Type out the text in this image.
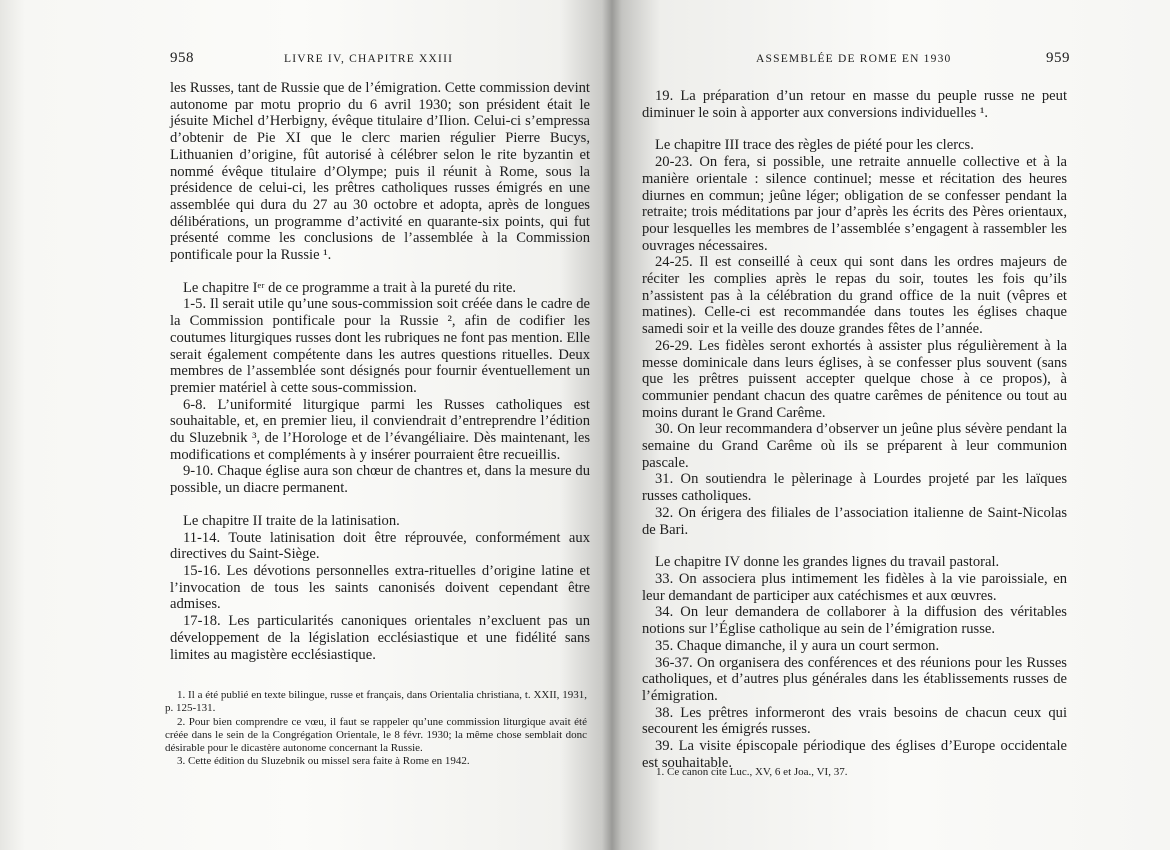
958	LIVRE IV, CHAPITRE XXIII

les Russes, tant de Russie que de l’émigration. Cette commission devint autonome par motu proprio du 6 avril 1930; son président était le jésuite Michel d’Herbigny, évêque titulaire d’Ilion. Celui-ci s’empressa d’obtenir de Pie XI que le clerc marien régulier Pierre Bucys, Lithuanien d’origine, fût autorisé à célébrer selon le rite byzantin et nommé évêque titulaire d’Olympe; puis il réunit à Rome, sous la présidence de celui-ci, les prêtres catholiques russes émigrés en une assemblée qui dura du 27 au 30 octobre et adopta, après de longues délibérations, un programme d’activité en quarante-six points, qui fut présenté comme les conclusions de l’assemblée à la Commission pontificale pour la Russie ¹.

Le chapitre Iᵉʳ de ce programme a trait à la pureté du rite.

1-5. Il serait utile qu’une sous-commission soit créée dans le cadre de la Commission pontificale pour la Russie ², afin de codifier les coutumes liturgiques russes dont les rubriques ne font pas mention. Elle serait également compétente dans les autres questions rituelles. Deux membres de l’assemblée sont désignés pour fournir éventuellement un premier matériel à cette sous-commission.

6-8. L’uniformité liturgique parmi les Russes catholiques est souhaitable, et, en premier lieu, il conviendrait d’entreprendre l’édition du Sluzebnik ³, de l’Horologe et de l’évangéliaire. Dès maintenant, les modifications et compléments à y insérer pourraient être recueillis.

9-10. Chaque église aura son chœur de chantres et, dans la mesure du possible, un diacre permanent.

Le chapitre II traite de la latinisation.

11-14. Toute latinisation doit être réprouvée, conformément aux directives du Saint-Siège.

15-16. Les dévotions personnelles extra-rituelles d’origine latine et l’invocation de tous les saints canonisés doivent cependant être admises.

17-18. Les particularités canoniques orientales n’excluent pas un développement de la législation ecclésiastique et une fidélité sans limites au magistère ecclésiastique.

1. Il a été publié en texte bilingue, russe et français, dans Orientalia christiana, t. XXII, 1931, p. 125-131.

2. Pour bien comprendre ce vœu, il faut se rappeler qu’une commission liturgique avait été créée dans le sein de la Congrégation Orientale, le 8 févr. 1930; la même chose semblait donc désirable pour le dicastère autonome concernant la Russie.

3. Cette édition du Sluzebnik ou missel sera faite à Rome en 1942.

ASSEMBLÉE DE ROME EN 1930	959

19. La préparation d’un retour en masse du peuple russe ne peut diminuer le soin à apporter aux conversions individuelles ¹.

Le chapitre III trace des règles de piété pour les clercs.

20-23. On fera, si possible, une retraite annuelle collective et à la manière orientale : silence continuel; messe et récitation des heures diurnes en commun; jeûne léger; obligation de se confesser pendant la retraite; trois méditations par jour d’après les écrits des Pères orientaux, pour lesquelles les membres de l’assemblée s’engagent à rassembler les ouvrages nécessaires.

24-25. Il est conseillé à ceux qui sont dans les ordres majeurs de réciter les complies après le repas du soir, toutes les fois qu’ils n’assistent pas à la célébration du grand office de la nuit (vêpres et matines). Celle-ci est recommandée dans toutes les églises chaque samedi soir et la veille des douze grandes fêtes de l’année.

26-29. Les fidèles seront exhortés à assister plus régulièrement à la messe dominicale dans leurs églises, à se confesser plus souvent (sans que les prêtres puissent accepter quelque chose à ce propos), à communier pendant chacun des quatre carêmes de pénitence ou tout au moins durant le Grand Carême.

30. On leur recommandera d’observer un jeûne plus sévère pendant la semaine du Grand Carême où ils se préparent à leur communion pascale.

31. On soutiendra le pèlerinage à Lourdes projeté par les laïques russes catholiques.

32. On érigera des filiales de l’association italienne de Saint-Nicolas de Bari.

Le chapitre IV donne les grandes lignes du travail pastoral.

33. On associera plus intimement les fidèles à la vie paroissiale, en leur demandant de participer aux catéchismes et aux œuvres.

34. On leur demandera de collaborer à la diffusion des véritables notions sur l’Église catholique au sein de l’émigration russe.

35. Chaque dimanche, il y aura un court sermon.

36-37. On organisera des conférences et des réunions pour les Russes catholiques, et d’autres plus générales dans les établissements russes de l’émigration.

38. Les prêtres informeront des vrais besoins de chacun ceux qui secourent les émigrés russes.

39. La visite épiscopale périodique des églises d’Europe occidentale est souhaitable.

1. Ce canon cite Luc., XV, 6 et Joa., VI, 37.
